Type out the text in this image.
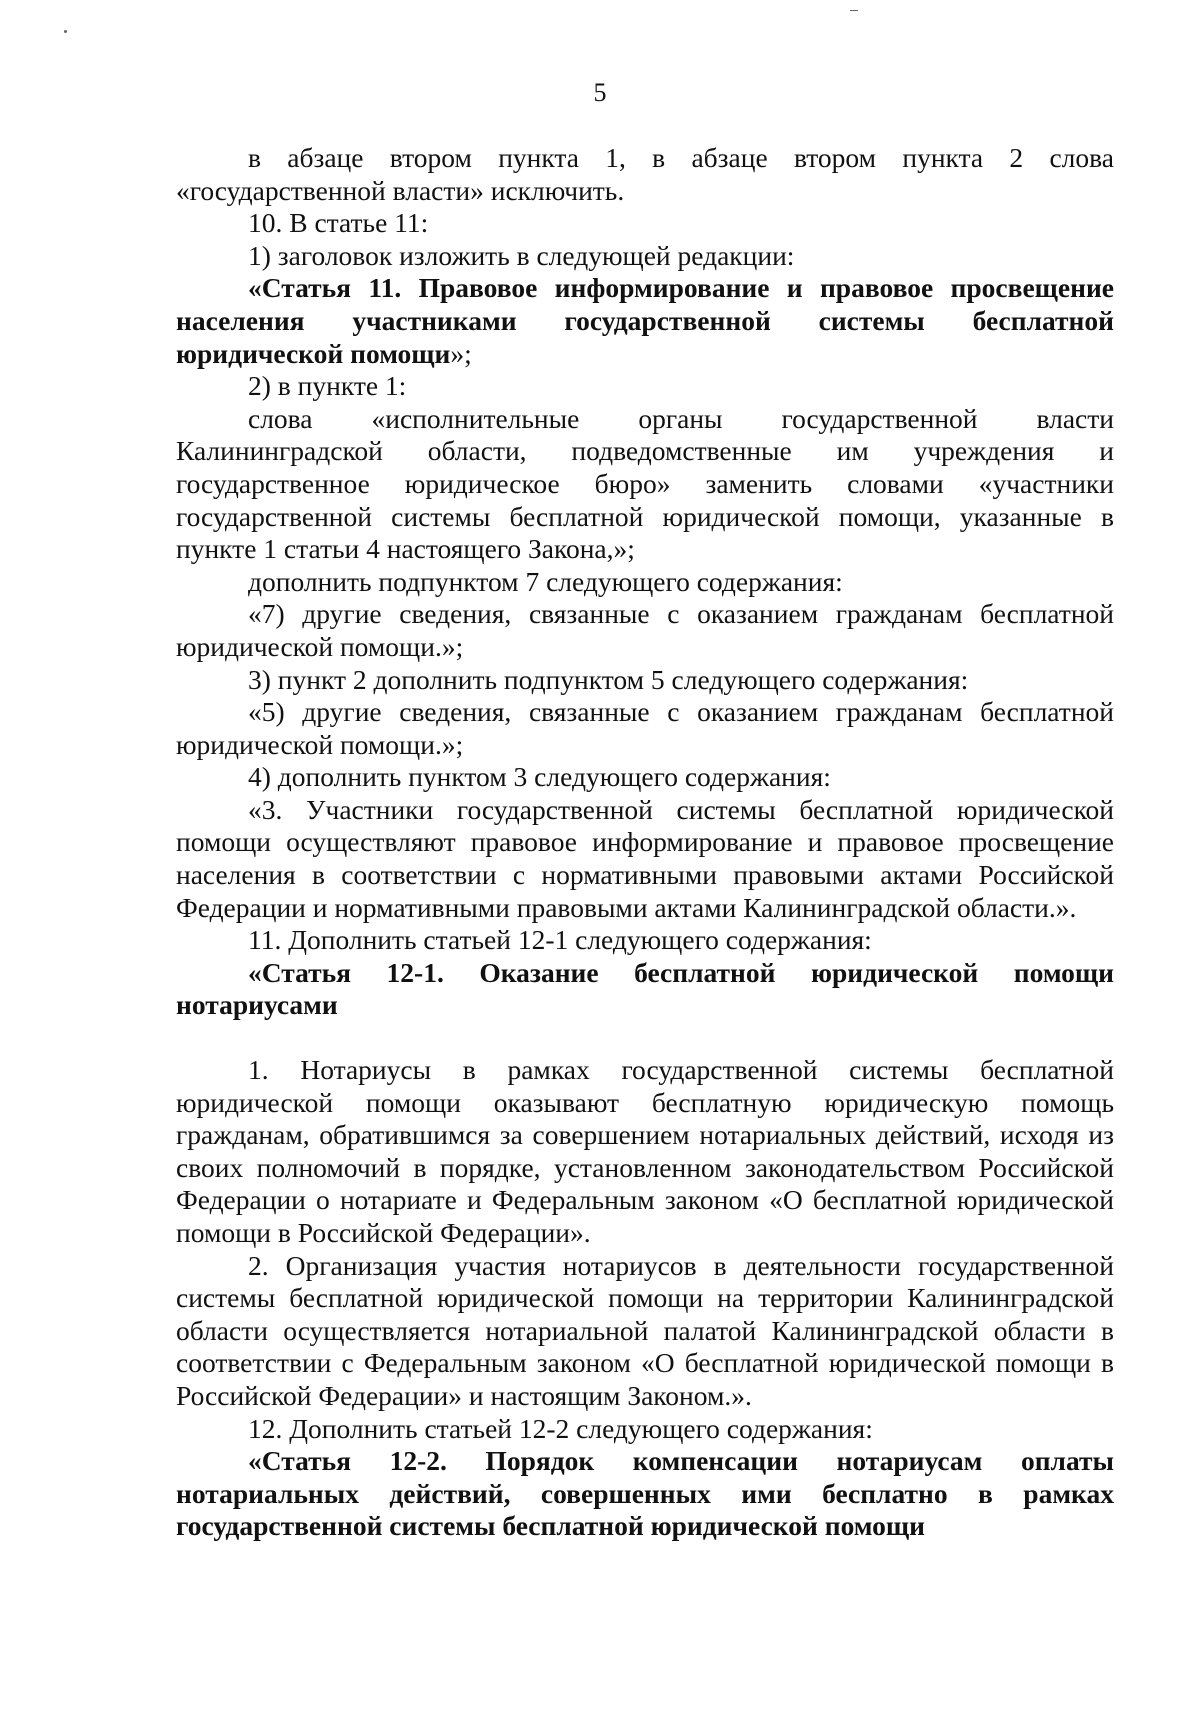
5

в абзаце втором пункта 1, в абзаце втором пункта 2 слова «государственной власти» исключить.

10. В статье 11:

1) заголовок изложить в следующей редакции:

«Статья 11. Правовое информирование и правовое просвещение населения участниками государственной системы бесплатной юридической помощи»;

2) в пункте 1:

слова «исполнительные органы государственной власти Калининградской области, подведомственные им учреждения и государственное юридическое бюро» заменить словами «участники государственной системы бесплатной юридической помощи, указанные в пункте 1 статьи 4 настоящего Закона,»;

дополнить подпунктом 7 следующего содержания:

«7) другие сведения, связанные с оказанием гражданам бесплатной юридической помощи.»;

3) пункт 2 дополнить подпунктом 5 следующего содержания:

«5) другие сведения, связанные с оказанием гражданам бесплатной юридической помощи.»;

4) дополнить пунктом 3 следующего содержания:

«3. Участники государственной системы бесплатной юридической помощи осуществляют правовое информирование и правовое просвещение населения в соответствии с нормативными правовыми актами Российской Федерации и нормативными правовыми актами Калининградской области.».

11. Дополнить статьей 12-1 следующего содержания:

«Статья 12-1. Оказание бесплатной юридической помощи нотариусами

1. Нотариусы в рамках государственной системы бесплатной юридической помощи оказывают бесплатную юридическую помощь гражданам, обратившимся за совершением нотариальных действий, исходя из своих полномочий в порядке, установленном законодательством Российской Федерации о нотариате и Федеральным законом «О бесплатной юридической помощи в Российской Федерации».

2. Организация участия нотариусов в деятельности государственной системы бесплатной юридической помощи на территории Калининградской области осуществляется нотариальной палатой Калининградской области в соответствии с Федеральным законом «О бесплатной юридической помощи в Российской Федерации» и настоящим Законом.».

12. Дополнить статьей 12-2 следующего содержания:

«Статья 12-2. Порядок компенсации нотариусам оплаты нотариальных действий, совершенных ими бесплатно в рамках государственной системы бесплатной юридической помощи
